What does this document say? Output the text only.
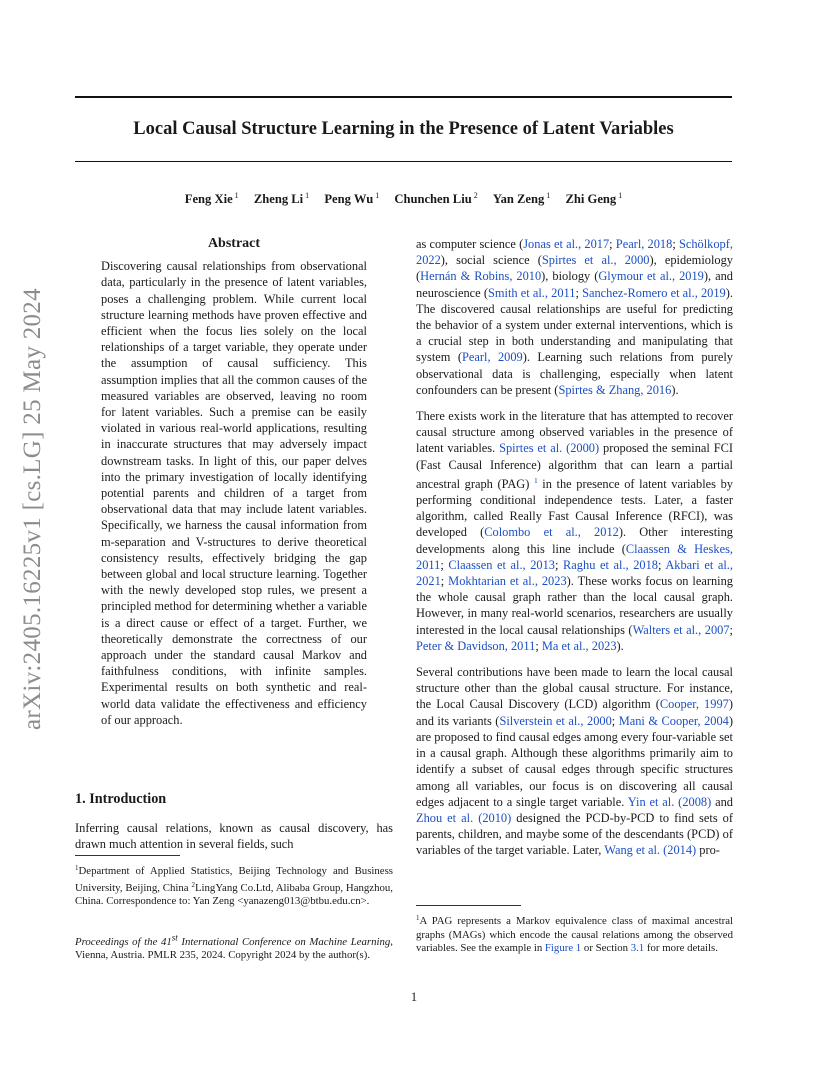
Local Causal Structure Learning in the Presence of Latent Variables
Feng Xie $^1$ Zheng Li $^1$ Peng Wu $^1$ Chunchen Liu $^2$ Yan Zeng $^1$ Zhi Geng $^1$
arXiv:2405.16225v1 [cs.LG] 25 May 2024
Abstract

Discovering causal relationships from observational data, particularly in the presence of latent variables, poses a challenging problem. While current local structure learning methods have proven effective and efficient when the focus lies solely on the local relationships of a target variable, they operate under the assumption of causal sufficiency. This assumption implies that all the common causes of the measured variables are observed, leaving no room for latent variables. Such a premise can be easily violated in various real-world applications, resulting in inaccurate structures that may adversely impact downstream tasks. In light of this, our paper delves into the primary investigation of locally identifying potential parents and children of a target from observational data that may include latent variables. Specifically, we harness the causal information from m-separation and V-structures to derive theoretical consistency results, effectively bridging the gap between global and local structure learning. Together with the newly developed stop rules, we present a principled method for determining whether a variable is a direct cause or effect of a target. Further, we theoretically demonstrate the correctness of our approach under the standard causal Markov and faithfulness conditions, with infinite samples. Experimental results on both synthetic and real-world data validate the effectiveness and efficiency of our approach.

1. Introduction
Inferring causal relations, known as causal discovery, has drawn much attention in several fields, such
$^1$Department of Applied Statistics, Beijing Technology and Business University, Beijing, China $^2$LingYang Co.Ltd, Alibaba Group, Hangzhou, China. Correspondence to: Yan Zeng <yanazeng013@btbu.edu.cn>.
Proceedings of the 41st International Conference on Machine Learning, Vienna, Austria. PMLR 235, 2024. Copyright 2024 by the author(s).

as computer science (Jonas et al., 2017; Pearl, 2018; Schölkopf, 2022), social science (Spirtes et al., 2000), epidemiology (Hernán & Robins, 2010), biology (Glymour et al., 2019), and neuroscience (Smith et al., 2011; Sanchez-Romero et al., 2019). The discovered causal relationships are useful for predicting the behavior of a system under external interventions, which is a crucial step in both understanding and manipulating that system (Pearl, 2009). Learning such relations from purely observational data is challenging, especially when latent confounders can be present (Spirtes & Zhang, 2016).

There exists work in the literature that has attempted to recover causal structure among observed variables in the presence of latent variables. Spirtes et al. (2000) proposed the seminal FCI (Fast Causal Inference) algorithm that can learn a partial ancestral graph (PAG) $^1$ in the presence of latent variables by performing conditional independence tests. Later, a faster algorithm, called Really Fast Causal Inference (RFCI), was developed (Colombo et al., 2012). Other interesting developments along this line include (Claassen & Heskes, 2011; Claassen et al., 2013; Raghu et al., 2018; Akbari et al., 2021; Mokhtarian et al., 2023). These works focus on learning the whole causal graph rather than the local causal graph. However, in many real-world scenarios, researchers are usually interested in the local causal relationships (Walters et al., 2007; Peter & Davidson, 2011; Ma et al., 2023).

Several contributions have been made to learn the local causal structure other than the global causal structure. For instance, the Local Causal Discovery (LCD) algorithm (Cooper, 1997) and its variants (Silverstein et al., 2000; Mani & Cooper, 2004) are proposed to find causal edges among every four-variable set in a causal graph. Although these algorithms primarily aim to identify a subset of causal edges through specific structures among all variables, our focus is on discovering all causal edges adjacent to a single target variable. Yin et al. (2008) and Zhou et al. (2010) designed the PCD-by-PCD to find sets of parents, children, and maybe some of the descendants (PCD) of variables of the target variable. Later, Wang et al. (2014) pro-

$^1$A PAG represents a Markov equivalence class of maximal ancestral graphs (MAGs) which encode the causal relations among the observed variables. See the example in Figure 1 or Section 3.1 for more details.
1
